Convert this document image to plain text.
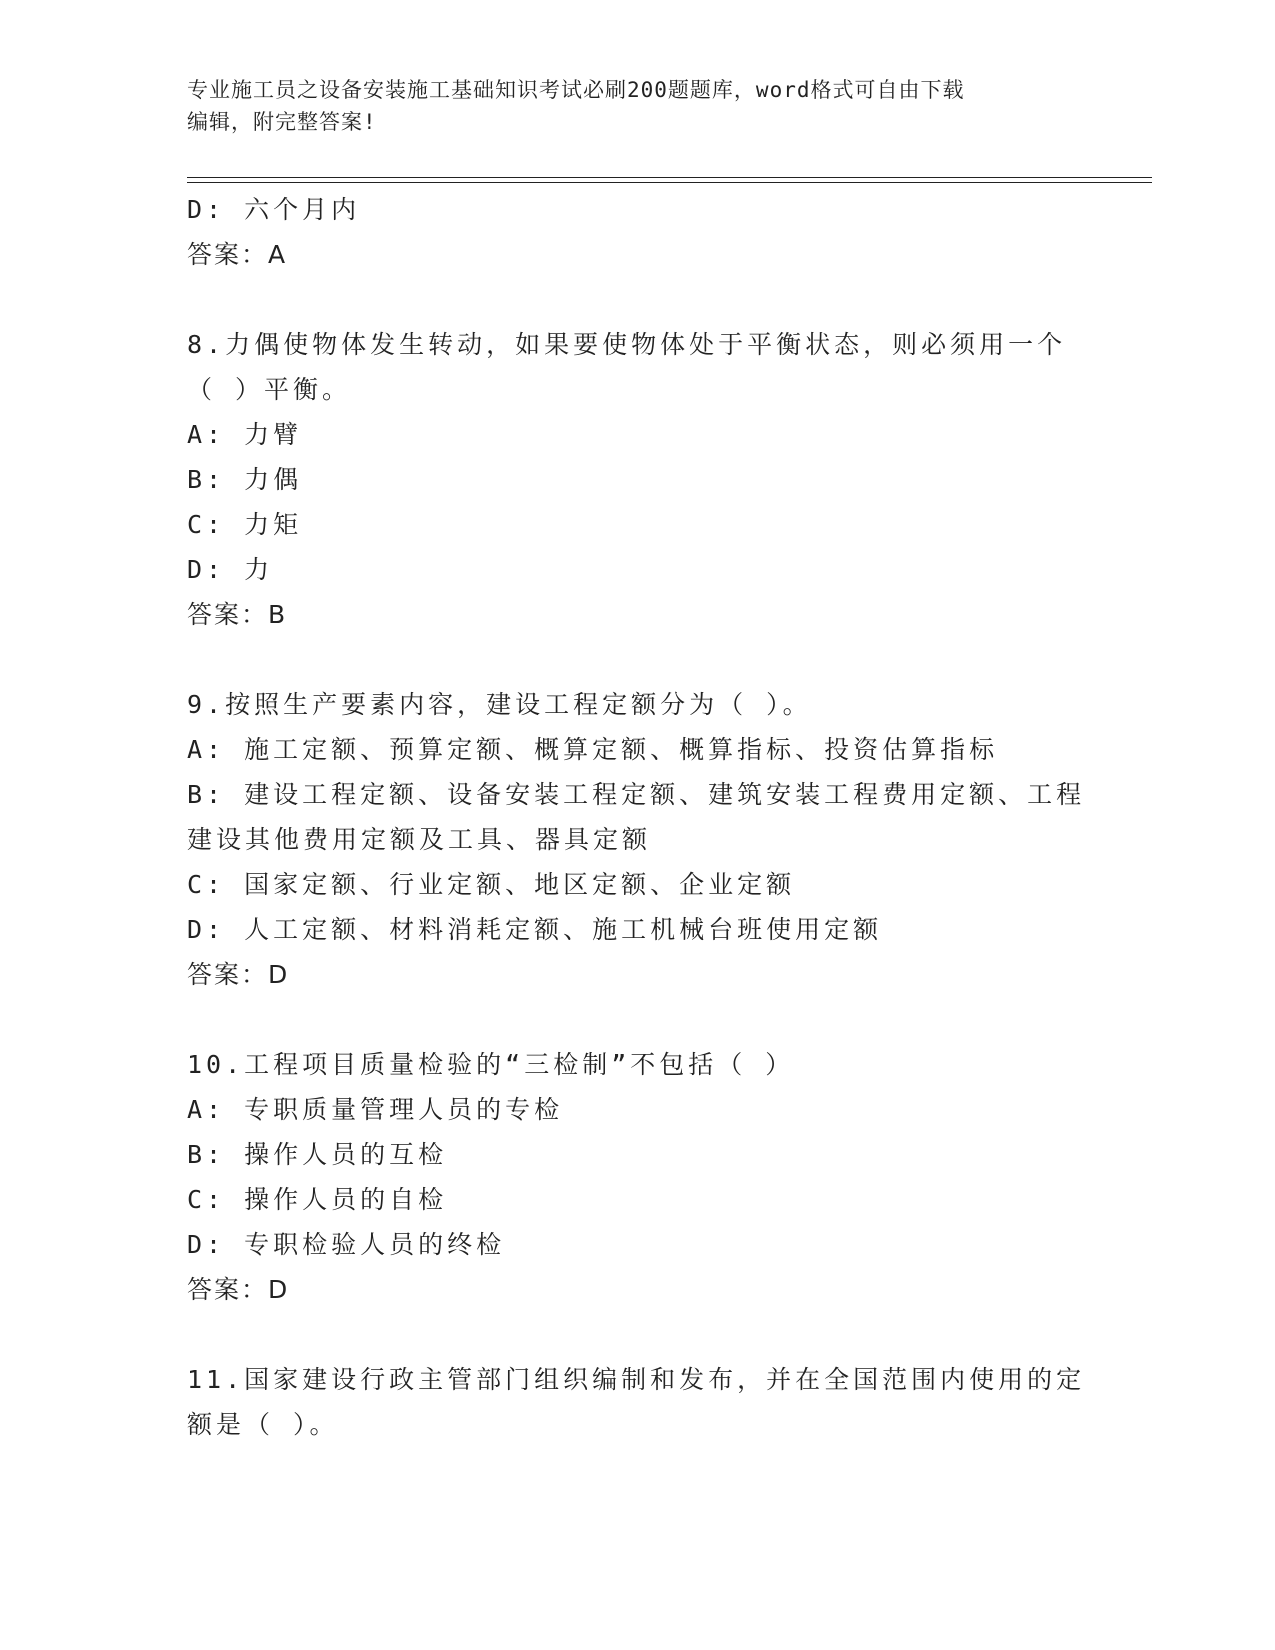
专业施工员之设备安装施工基础知识考试必刷200题题库，word格式可自由下载
编辑，附完整答案!
D: 六个月内
答案：A
8.力偶使物体发生转动，如果要使物体处于平衡状态，则必须用一个
（ ）平衡。
A: 力臂
B: 力偶
C: 力矩
D: 力
答案：B
9.按照生产要素内容，建设工程定额分为（ ）。
A: 施工定额、预算定额、概算定额、概算指标、投资估算指标
B: 建设工程定额、设备安装工程定额、建筑安装工程费用定额、工程
建设其他费用定额及工具、器具定额
C: 国家定额、行业定额、地区定额、企业定额
D: 人工定额、材料消耗定额、施工机械台班使用定额
答案：D
10.工程项目质量检验的“三检制”不包括（ ）
A: 专职质量管理人员的专检
B: 操作人员的互检
C: 操作人员的自检
D: 专职检验人员的终检
答案：D
11.国家建设行政主管部门组织编制和发布，并在全国范围内使用的定
额是（ ）。
